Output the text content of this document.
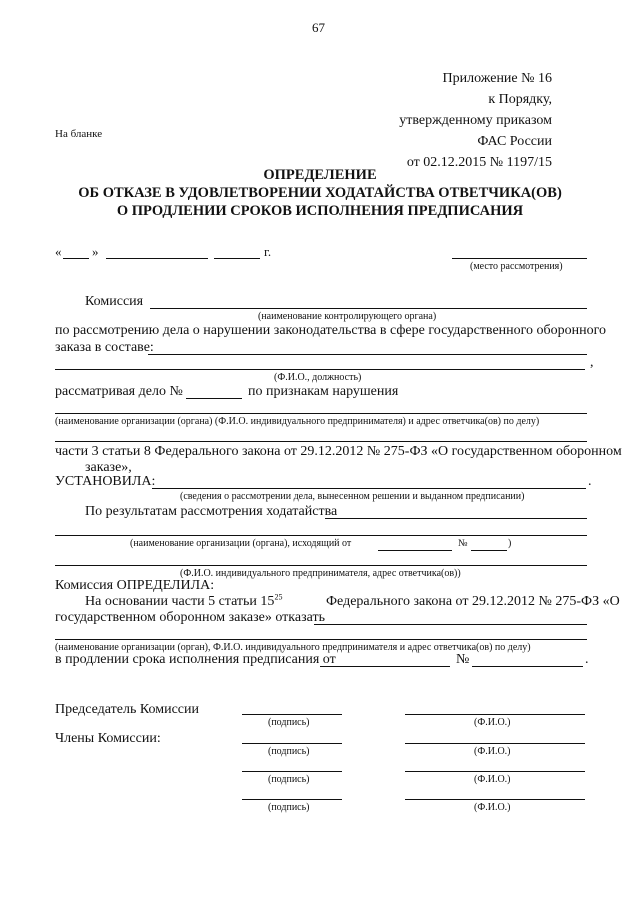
67
Приложение № 16
к Порядку,
утвержденному приказом
ФАС России
от 02.12.2015 № 1197/15
На бланке
ОПРЕДЕЛЕНИЕ
ОБ ОТКАЗЕ В УДОВЛЕТВОРЕНИИ ХОДАТАЙСТВА ОТВЕТЧИКА(ОВ)
О ПРОДЛЕНИИ СРОКОВ ИСПОЛНЕНИЯ ПРЕДПИСАНИЯ
« »	г.
(место рассмотрения)
Комиссия
(наименование контролирующего органа)
по рассмотрению дела о нарушении законодательства в сфере государственного оборонного
заказа в составе:
,
(Ф.И.О., должность)
рассматривая дело №	по признакам нарушения
(наименование организации (органа) (Ф.И.О. индивидуального предпринимателя) и адрес ответчика(ов) по делу)
части 3 статьи 8 Федерального закона от 29.12.2012 № 275-ФЗ «О государственном оборонном
заказе»,
УСТАНОВИЛА:	.
(сведения о рассмотрении дела, вынесенном решении и выданном предписании)
По результатам рассмотрения ходатайства
(наименование организации (органа), исходящий от	№	)
(Ф.И.О. индивидуального предпринимателя, адрес ответчика(ов))
Комиссия ОПРЕДЕЛИЛА:
На основании части 5 статьи $15^{25}$	Федерального закона от 29.12.2012 № 275-ФЗ «О
государственном оборонном заказе» отказать
(наименование организации (орган), Ф.И.О. индивидуального предпринимателя и адрес ответчика(ов) по делу)
в продлении срока исполнения предписания от	№	.
Председатель Комиссии
Члены Комиссии:
(подпись)	(Ф.И.О.)
(подпись)	(Ф.И.О.)
(подпись)	(Ф.И.О.)
(подпись)	(Ф.И.О.)
